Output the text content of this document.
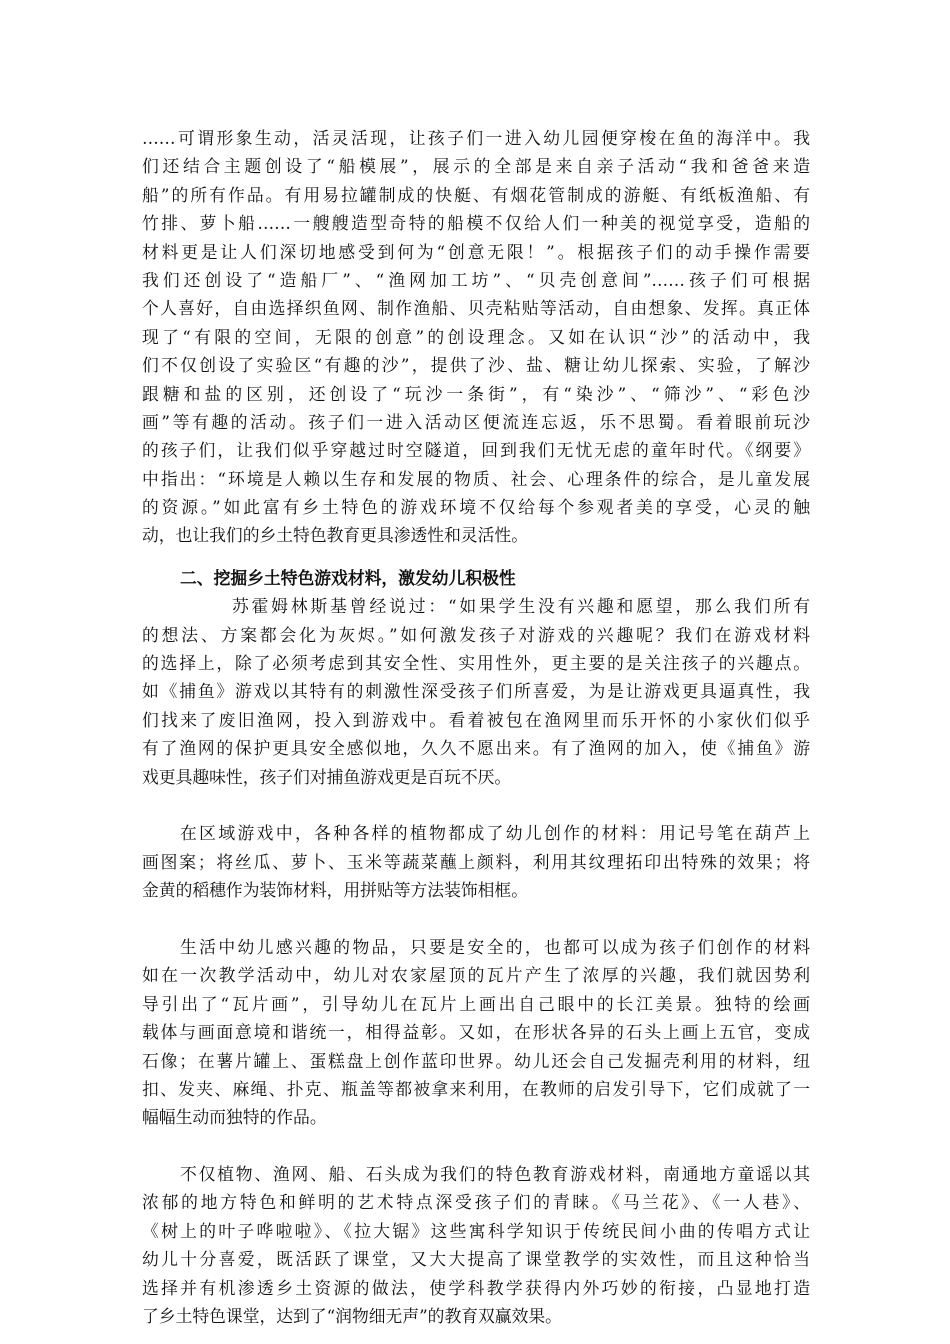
……可谓形象生动，活灵活现，让孩子们一进入幼儿园便穿梭在鱼的海洋中。我
们还结合主题创设了“船模展”，展示的全部是来自亲子活动“我和爸爸来造
船”的所有作品。有用易拉罐制成的快艇、有烟花管制成的游艇、有纸板渔船、有
竹排、萝卜船……一艘艘造型奇特的船模不仅给人们一种美的视觉享受，造船的
材料更是让人们深切地感受到何为“创意无限！”。根据孩子们的动手操作需要
我们还创设了“造船厂”、“渔网加工坊”、“贝壳创意间”……孩子们可根据
个人喜好，自由选择织鱼网、制作渔船、贝壳粘贴等活动，自由想象、发挥。真正体
现了“有限的空间，无限的创意”的创设理念。又如在认识“沙”的活动中，我
们不仅创设了实验区“有趣的沙”，提供了沙、盐、糖让幼儿探索、实验，了解沙
跟糖和盐的区别，还创设了“玩沙一条街”，有“染沙”、“筛沙”、“彩色沙
画”等有趣的活动。孩子们一进入活动区便流连忘返，乐不思蜀。看着眼前玩沙
的孩子们，让我们似乎穿越过时空隧道，回到我们无忧无虑的童年时代。《纲要》
中指出：“环境是人赖以生存和发展的物质、社会、心理条件的综合，是儿童发展
的资源。”如此富有乡土特色的游戏环境不仅给每个参观者美的享受，心灵的触
动，也让我们的乡土特色教育更具渗透性和灵活性。
二、挖掘乡土特色游戏材料，激发幼儿积极性
苏霍姆林斯基曾经说过：“如果学生没有兴趣和愿望，那么我们所有
的想法、方案都会化为灰烬。”如何激发孩子对游戏的兴趣呢？我们在游戏材料
的选择上，除了必须考虑到其安全性、实用性外，更主要的是关注孩子的兴趣点。
如《捕鱼》游戏以其特有的刺激性深受孩子们所喜爱，为是让游戏更具逼真性，我
们找来了废旧渔网，投入到游戏中。看着被包在渔网里而乐开怀的小家伙们似乎
有了渔网的保护更具安全感似地，久久不愿出来。有了渔网的加入，使《捕鱼》游
戏更具趣味性，孩子们对捕鱼游戏更是百玩不厌。
在区域游戏中，各种各样的植物都成了幼儿创作的材料：用记号笔在葫芦上
画图案；将丝瓜、萝卜、玉米等蔬菜蘸上颜料，利用其纹理拓印出特殊的效果；将
金黄的稻穗作为装饰材料，用拼贴等方法装饰相框。
生活中幼儿感兴趣的物品，只要是安全的，也都可以成为孩子们创作的材料
如在一次教学活动中，幼儿对农家屋顶的瓦片产生了浓厚的兴趣，我们就因势利
导引出了“瓦片画”，引导幼儿在瓦片上画出自己眼中的长江美景。独特的绘画
载体与画面意境和谐统一，相得益彰。又如，在形状各异的石头上画上五官，变成
石像；在薯片罐上、蛋糕盘上创作蓝印世界。幼儿还会自己发掘壳利用的材料，纽
扣、发夹、麻绳、扑克、瓶盖等都被拿来利用，在教师的启发引导下，它们成就了一
幅幅生动而独特的作品。
不仅植物、渔网、船、石头成为我们的特色教育游戏材料，南通地方童谣以其
浓郁的地方特色和鲜明的艺术特点深受孩子们的青睐。《马兰花》、《一人巷》、
《树上的叶子哗啦啦》、《拉大锯》这些寓科学知识于传统民间小曲的传唱方式让
幼儿十分喜爱，既活跃了课堂，又大大提高了课堂教学的实效性，而且这种恰当
选择并有机渗透乡土资源的做法，使学科教学获得内外巧妙的衔接，凸显地打造
了乡土特色课堂，达到了“润物细无声”的教育双赢效果。
